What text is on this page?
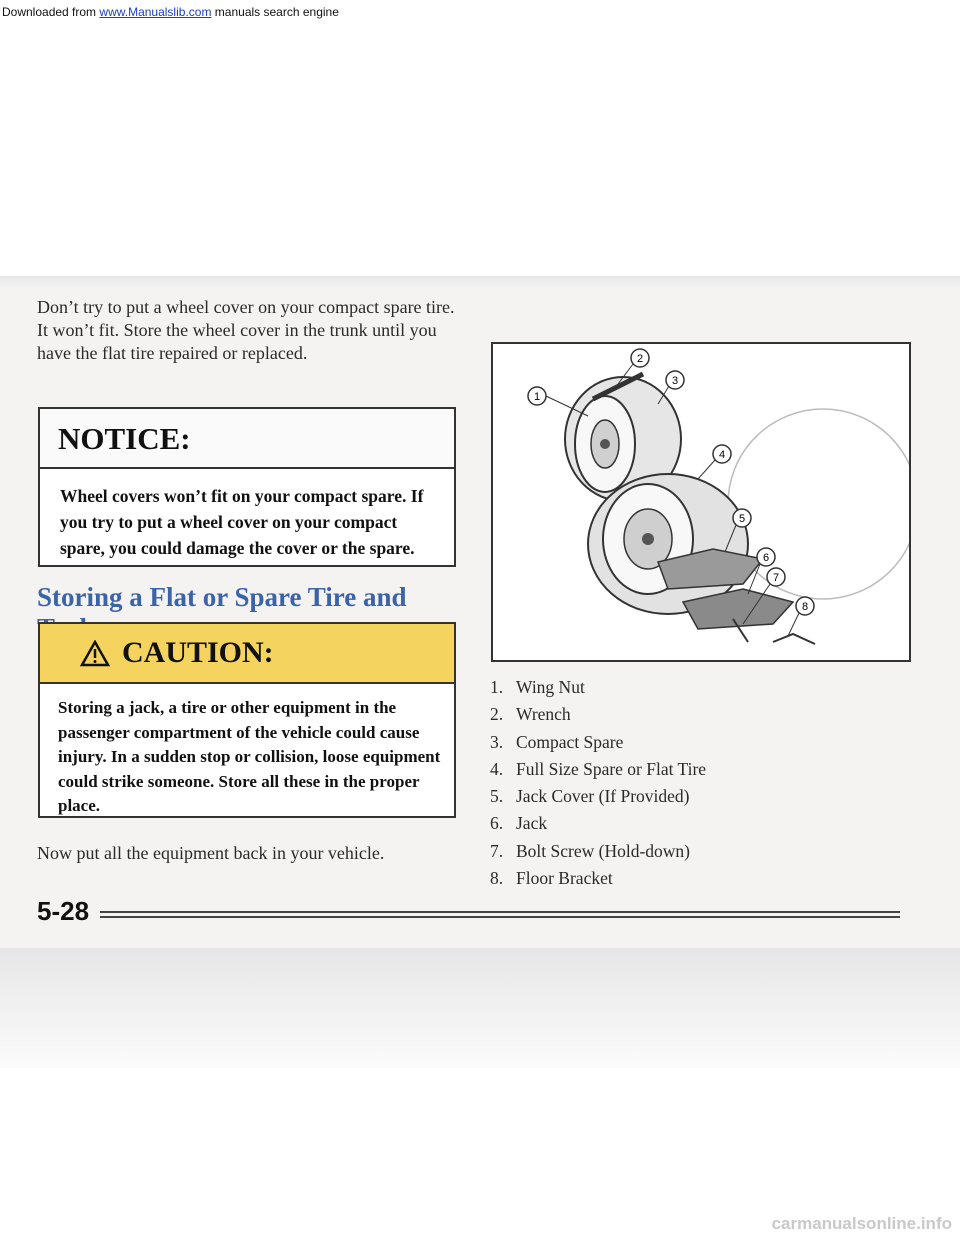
Downloaded from www.Manualslib.com manuals search engine

Don’t try to put a wheel cover on your compact spare tire. It won’t fit. Store the wheel cover in the trunk until you have the flat tire repaired or replaced.

NOTICE:
Wheel covers won’t fit on your compact spare. If you try to put a wheel cover on your compact spare, you could damage the cover or the spare.
Storing a Flat or Spare Tire and
CAUTION:
Storing a jack, a tire or other equipment in the passenger compartment of the vehicle could cause injury. In a sudden stop or collision, loose equipment could strike someone. Store all these in the proper place.
Now put all the equipment back in your vehicle.
1
2
3
4
5
6
7
8
1. Wing Nut
2. Wrench
3. Compact Spare
4. Full Size Spare or Flat Tire
5. Jack Cover (If Provided)
6. Jack
7. Bolt Screw (Hold-down)
8. Floor Bracket
5-28
carmanualsonline.info
